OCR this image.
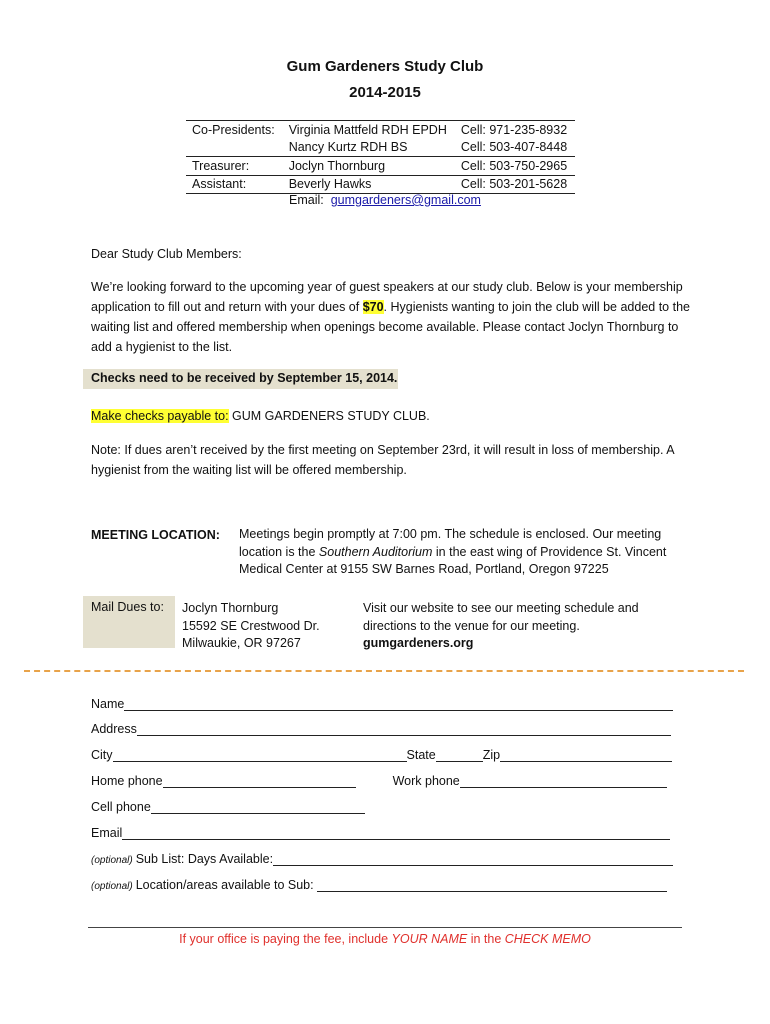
Gum Gardeners Study Club
2014-2015
Co-Presidents:	Virginia Mattfeld RDH EPDH	Cell: 971-235-8932
	Nancy Kurtz RDH BS	Cell: 503-407-8448
Treasurer:	Joclyn Thornburg	Cell: 503-750-2965
Assistant:	Beverly Hawks	Cell: 503-201-5628
Email: gumgardeners@gmail.com
Dear Study Club Members:
We’re looking forward to the upcoming year of guest speakers at our study club. Below is your membership application to fill out and return with your dues of $70. Hygienists wanting to join the club will be added to the waiting list and offered membership when openings become available. Please contact Joclyn Thornburg to add a hygienist to the list.
Checks need to be received by September 15, 2014.
Make checks payable to: GUM GARDENERS STUDY CLUB.
Note: If dues aren’t received by the first meeting on September 23rd, it will result in loss of membership. A hygienist from the waiting list will be offered membership.
MEETING LOCATION: Meetings begin promptly at 7:00 pm. The schedule is enclosed. Our meeting location is the Southern Auditorium in the east wing of Providence St. Vincent Medical Center at 9155 SW Barnes Road, Portland, Oregon 97225
Mail Dues to: Joclyn Thornburg
15592 SE Crestwood Dr.
Milwaukie, OR 97267
Visit our website to see our meeting schedule and directions to the venue for our meeting.
gumgardeners.org
Name
Address
City	State	Zip
Home phone	Work phone
Cell phone
Email
(optional) Sub List: Days Available:
(optional) Location/areas available to Sub:

If your office is paying the fee, include YOUR NAME in the CHECK MEMO
